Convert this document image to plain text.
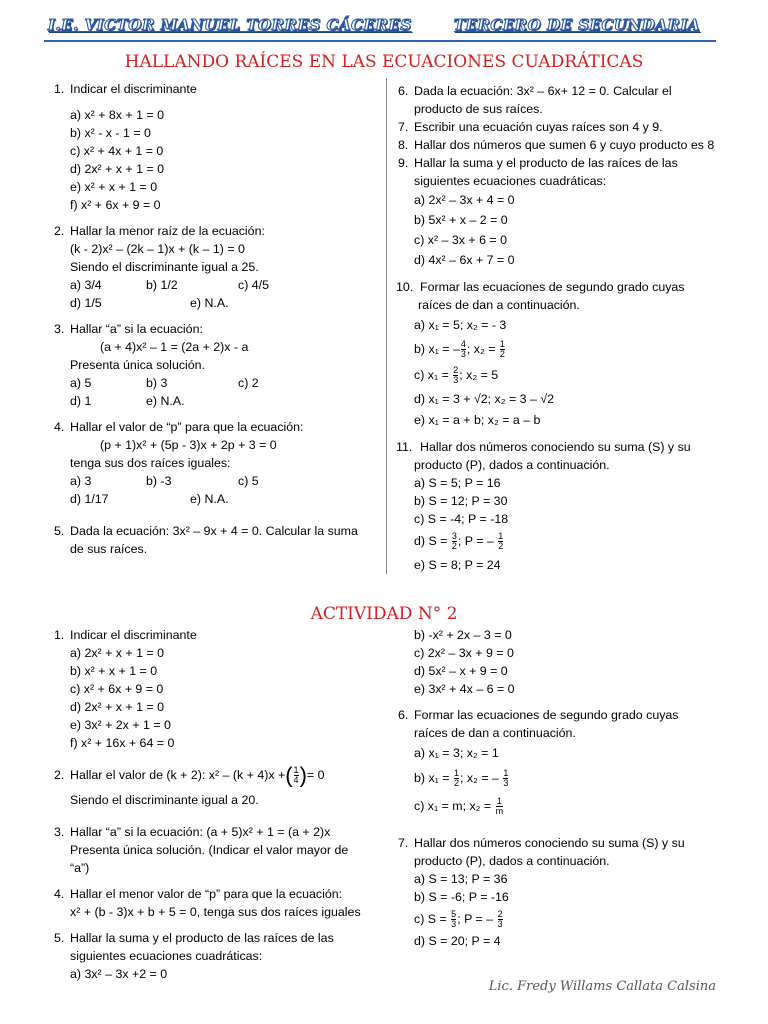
I.E. VICTOR MANUEL TORRES CÁCERES	TERCERO DE SECUNDARIA
HALLANDO RAÍCES EN LAS ECUACIONES CUADRÁTICAS
1. Indicar el discriminante
a) x² + 8x + 1 = 0
b) x² - x - 1 = 0
c) x² + 4x + 1 = 0
d) 2x² + x + 1 = 0
e) x² + x + 1 = 0
f) x² + 6x + 9 = 0
2. Hallar la menor raíz de la ecuación:
(k - 2)x² – (2k – 1)x + (k – 1) = 0
Siendo el discriminante igual a 25.
a) 3/4	b) 1/2	c) 4/5
d) 1/5	e) N.A.
3. Hallar “a” si la ecuación:
(a + 4)x² – 1 = (2a + 2)x - a
Presenta única solución.
a) 5	b) 3	c) 2
d) 1	e) N.A.
4. Hallar el valor de “p” para que la ecuación:
(p + 1)x² + (5p - 3)x + 2p + 3 = 0
tenga sus dos raíces iguales:
a) 3	b) -3	c) 5
d) 1/17	e) N.A.
5. Dada la ecuación: 3x² – 9x + 4 = 0. Calcular la suma
de sus raíces.
6. Dada la ecuación: 3x² – 6x+ 12 = 0. Calcular el
producto de sus raíces.
7. Escribir una ecuación cuyas raíces son 4 y 9.
8. Hallar dos números que sumen 6 y cuyo producto es 8
9. Hallar la suma y el producto de las raíces de las
siguientes ecuaciones cuadráticas:
a) 2x² – 3x + 4 = 0
b) 5x² + x – 2 = 0
c) x² – 3x + 6 = 0
d) 4x² – 6x + 7 = 0
10. Formar las ecuaciones de segundo grado cuyas
raíces de dan a continuación.
a) x₁ = 5; x₂ = - 3
b) x₁ = – $\frac{4}{3}$ ; $x_2 = \frac{1}{2}$
c) $x_1 = \frac{2}{3}$ ; x₂ = 5
d) x₁ = 3 + √2; x₂ = 3 – √2
e) x₁ = a + b; x₂ = a – b
11. Hallar dos números conociendo su suma (S) y su
producto (P), dados a continuación.
a) S = 5; P = 16
b) S = 12; P = 30
c) S = -4; P = -18
d) $S = \frac{3}{2}$ ; P = – $\frac{1}{2}$
e) S = 8; P = 24
ACTIVIDAD N° 2
1. Indicar el discriminante
a) 2x² + x + 1 = 0
b) x² + x + 1 = 0
c) x² + 6x + 9 = 0
d) 2x² + x + 1 = 0
e) 3x² + 2x + 1 = 0
f) x² + 16x + 64 = 0
2. Hallar el valor de (k + 2): x² – (k + 4)x +( $\frac{1}{4}$ )= 0
Siendo el discriminante igual a 20.
3. Hallar “a” si la ecuación: (a + 5)x² + 1 = (a + 2)x
Presenta única solución. (Indicar el valor mayor de
“a”)
4. Hallar el menor valor de “p” para que la ecuación:
x² + (b - 3)x + b + 5 = 0, tenga sus dos raíces iguales
5. Hallar la suma y el producto de las raíces de las
siguientes ecuaciones cuadráticas:
a) 3x² – 3x +2 = 0
b) -x² + 2x – 3 = 0
c) 2x² – 3x + 9 = 0
d) 5x² – x + 9 = 0
e) 3x² + 4x – 6 = 0
6. Formar las ecuaciones de segundo grado cuyas
raíces de dan a continuación.
a) x₁ = 3; x₂ = 1
b) $x_1 = \frac{1}{2}$ ; x₂ = – $\frac{1}{3}$
c) x₁ = m; $x_2 = \frac{1}{m}$
7. Hallar dos números conociendo su suma (S) y su
producto (P), dados a continuación.
a) S = 13; P = 36
b) S = -6; P = -16
c) $S = \frac{5}{3}$ ; P = – $\frac{2}{3}$
d) S = 20; P = 4
Lic. Fredy Willams Callata Calsina
